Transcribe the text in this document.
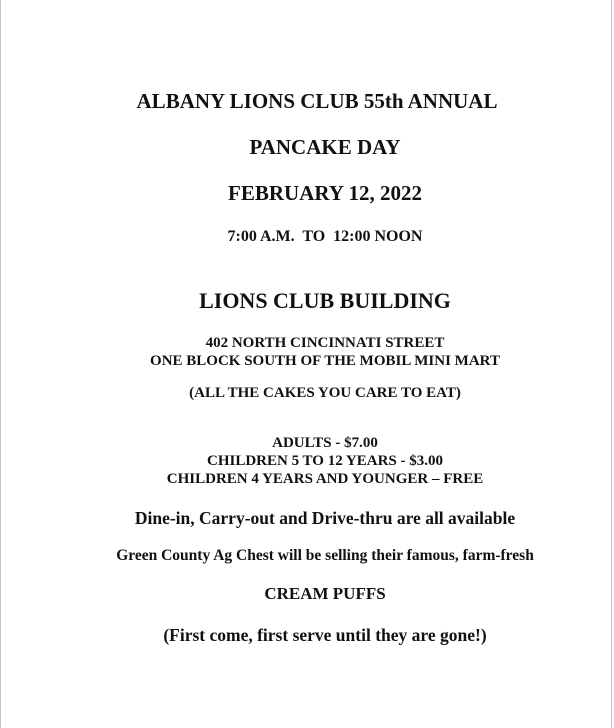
ALBANY LIONS CLUB 55th ANNUAL
PANCAKE DAY
FEBRUARY 12, 2022
7:00 A.M.  TO  12:00 NOON
LIONS CLUB BUILDING
402 NORTH CINCINNATI STREET
ONE BLOCK SOUTH OF THE MOBIL MINI MART
(ALL THE CAKES YOU CARE TO EAT)
ADULTS - $7.00
CHILDREN 5 TO 12 YEARS - $3.00
CHILDREN 4 YEARS AND YOUNGER – FREE
Dine-in, Carry-out and Drive-thru are all available
Green County Ag Chest will be selling their famous, farm-fresh
CREAM PUFFS
(First come, first serve until they are gone!)
